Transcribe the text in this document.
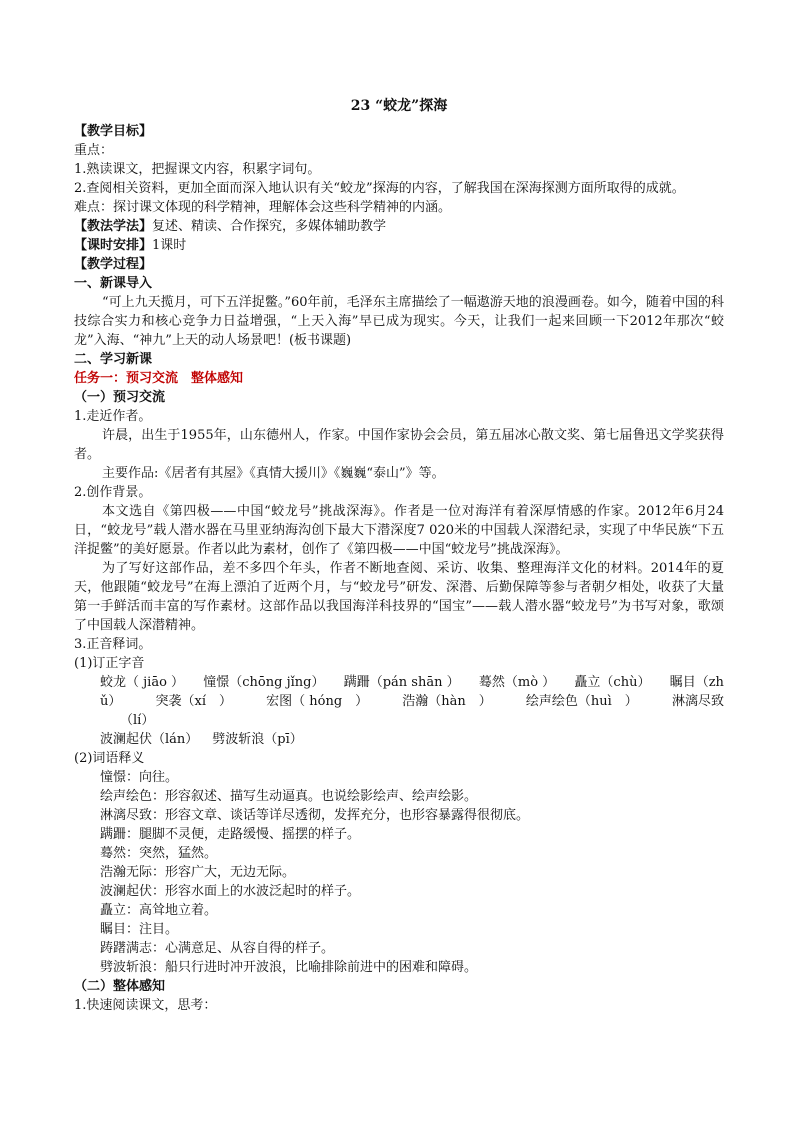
23 “蛟龙”探海

【教学目标】

重点：

1.熟读课文，把握课文内容，积累字词句。

2.查阅相关资料，更加全面而深入地认识有关“蛟龙”探海的内容，了解我国在深海探测方面所取得的成就。

难点：探讨课文体现的科学精神，理解体会这些科学精神的内涵。

【教法学法】复述、精读、合作探究，多媒体辅助教学

【课时安排】1课时

【教学过程】

一、新课导入

“可上九天揽月，可下五洋捉鳖。”60年前，毛泽东主席描绘了一幅遨游天地的浪漫画卷。如今，随着中国的科技综合实力和核心竞争力日益增强，“上天入海”早已成为现实。今天，让我们一起来回顾一下2012年那次“蛟龙”入海、“神九”上天的动人场景吧！(板书课题)

二、学习新课

任务一：预习交流　整体感知

（一）预习交流

1.走近作者。

许晨，出生于1955年，山东德州人，作家。中国作家协会会员，第五届冰心散文奖、第七届鲁迅文学奖获得者。

主要作品:《居者有其屋》《真情大援川》《巍巍“泰山”》等。

2.创作背景。

本文选自《第四极——中国“蛟龙号”挑战深海》。作者是一位对海洋有着深厚情感的作家。2012年6月24日，“蛟龙号”载人潜水器在马里亚纳海沟创下最大下潜深度7 020米的中国载人深潜纪录，实现了中华民族“下五洋捉鳖”的美好愿景。作者以此为素材，创作了《第四极——中国“蛟龙号”挑战深海》。

为了写好这部作品，差不多四个年头，作者不断地查阅、采访、收集、整理海洋文化的材料。2014年的夏天，他跟随“蛟龙号”在海上漂泊了近两个月，与“蛟龙号”研发、深潜、后勤保障等参与者朝夕相处，收获了大量第一手鲜活而丰富的写作素材。这部作品以我国海洋科技界的“国宝”——载人潜水器“蛟龙号”为书写对象，歌颂了中国载人深潜精神。

3.正音释词。

(1)订正字音

蛟龙（ jiāo ） 憧憬（chōng jǐng） 蹒跚（pán shān ） 蓦然（mò ） 矗立（chù） 瞩目（zh
ǔ）	突袭（xí　）	宏图（ hóng　）	浩瀚（hàn　）	绘声绘色（huì　）	淋漓尽致

（lí）

波澜起伏（lán） 劈波斩浪（pī）

(2)词语释义

憧憬：向往。

绘声绘色：形容叙述、描写生动逼真。也说绘影绘声、绘声绘影。

淋漓尽致：形容文章、谈话等详尽透彻，发挥充分，也形容暴露得很彻底。

蹒跚：腿脚不灵便，走路缓慢、摇摆的样子。

蓦然：突然，猛然。

浩瀚无际：形容广大，无边无际。

波澜起伏：形容水面上的水波泛起时的样子。

矗立：高耸地立着。

瞩目：注目。

踌躇满志：心满意足、从容自得的样子。

劈波斩浪：船只行进时冲开波浪，比喻排除前进中的困难和障碍。

（二）整体感知

1.快速阅读课文，思考：
